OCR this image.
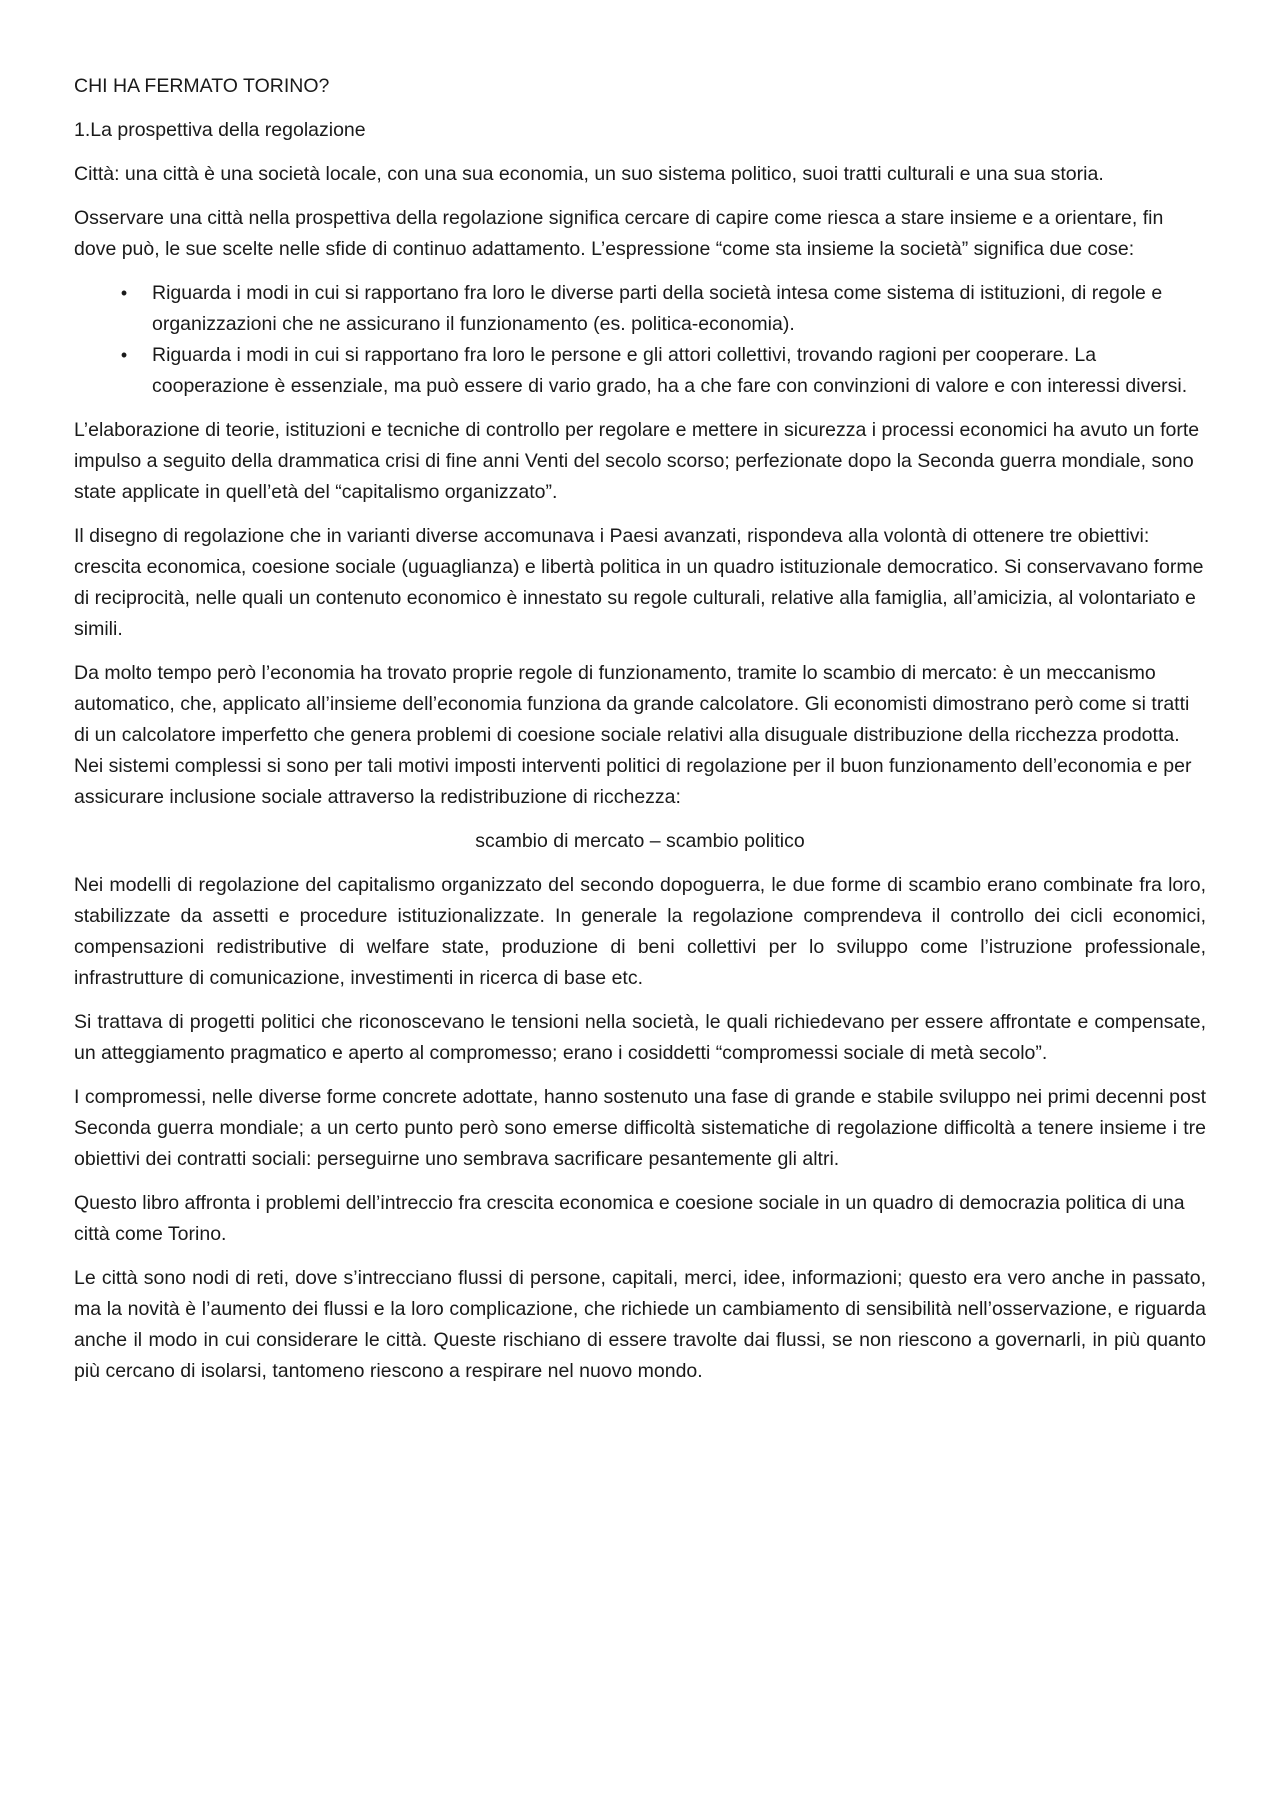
CHI HA FERMATO TORINO?

1.La prospettiva della regolazione

Città: una città è una società locale, con una sua economia, un suo sistema politico, suoi tratti culturali e una sua storia.

Osservare una città nella prospettiva della regolazione significa cercare di capire come riesca a stare insieme e a orientare, fin dove può, le sue scelte nelle sfide di continuo adattamento. L’espressione “come sta insieme la società” significa due cose:

•	Riguarda i modi in cui si rapportano fra loro le diverse parti della società intesa come sistema di istituzioni, di regole e organizzazioni che ne assicurano il funzionamento (es. politica-economia).
•	Riguarda i modi in cui si rapportano fra loro le persone e gli attori collettivi, trovando ragioni per cooperare. La cooperazione è essenziale, ma può essere di vario grado, ha a che fare con convinzioni di valore e con interessi diversi.

L’elaborazione di teorie, istituzioni e tecniche di controllo per regolare e mettere in sicurezza i processi economici ha avuto un forte impulso a seguito della drammatica crisi di fine anni Venti del secolo scorso; perfezionate dopo la Seconda guerra mondiale, sono state applicate in quell’età del “capitalismo organizzato”.

Il disegno di regolazione che in varianti diverse accomunava i Paesi avanzati, rispondeva alla volontà di ottenere tre obiettivi: crescita economica, coesione sociale (uguaglianza) e libertà politica in un quadro istituzionale democratico. Si conservavano forme di reciprocità, nelle quali un contenuto economico è innestato su regole culturali, relative alla famiglia, all’amicizia, al volontariato e simili.

Da molto tempo però l’economia ha trovato proprie regole di funzionamento, tramite lo scambio di mercato: è un meccanismo automatico, che, applicato all’insieme dell’economia funziona da grande calcolatore. Gli economisti dimostrano però come si tratti di un calcolatore imperfetto che genera problemi di coesione sociale relativi alla disuguale distribuzione della ricchezza prodotta. Nei sistemi complessi si sono per tali motivi imposti interventi politici di regolazione per il buon funzionamento dell’economia e per assicurare inclusione sociale attraverso la redistribuzione di ricchezza:

scambio di mercato – scambio politico

Nei modelli di regolazione del capitalismo organizzato del secondo dopoguerra, le due forme di scambio erano combinate fra loro, stabilizzate da assetti e procedure istituzionalizzate. In generale la regolazione comprendeva il controllo dei cicli economici, compensazioni redistributive di welfare state, produzione di beni collettivi per lo sviluppo come l’istruzione professionale, infrastrutture di comunicazione, investimenti in ricerca di base etc.

Si trattava di progetti politici che riconoscevano le tensioni nella società, le quali richiedevano per essere affrontate e compensate, un atteggiamento pragmatico e aperto al compromesso; erano i cosiddetti “compromessi sociale di metà secolo”.

I compromessi, nelle diverse forme concrete adottate, hanno sostenuto una fase di grande e stabile sviluppo nei primi decenni post Seconda guerra mondiale; a un certo punto però sono emerse difficoltà sistematiche di regolazione difficoltà a tenere insieme i tre obiettivi dei contratti sociali: perseguirne uno sembrava sacrificare pesantemente gli altri.

Questo libro affronta i problemi dell’intreccio fra crescita economica e coesione sociale in un quadro di democrazia politica di una città come Torino.

Le città sono nodi di reti, dove s’intrecciano flussi di persone, capitali, merci, idee, informazioni; questo era vero anche in passato, ma la novità è l’aumento dei flussi e la loro complicazione, che richiede un cambiamento di sensibilità nell’osservazione, e riguarda anche il modo in cui considerare le città. Queste rischiano di essere travolte dai flussi, se non riescono a governarli, in più quanto più cercano di isolarsi, tantomeno riescono a respirare nel nuovo mondo.
